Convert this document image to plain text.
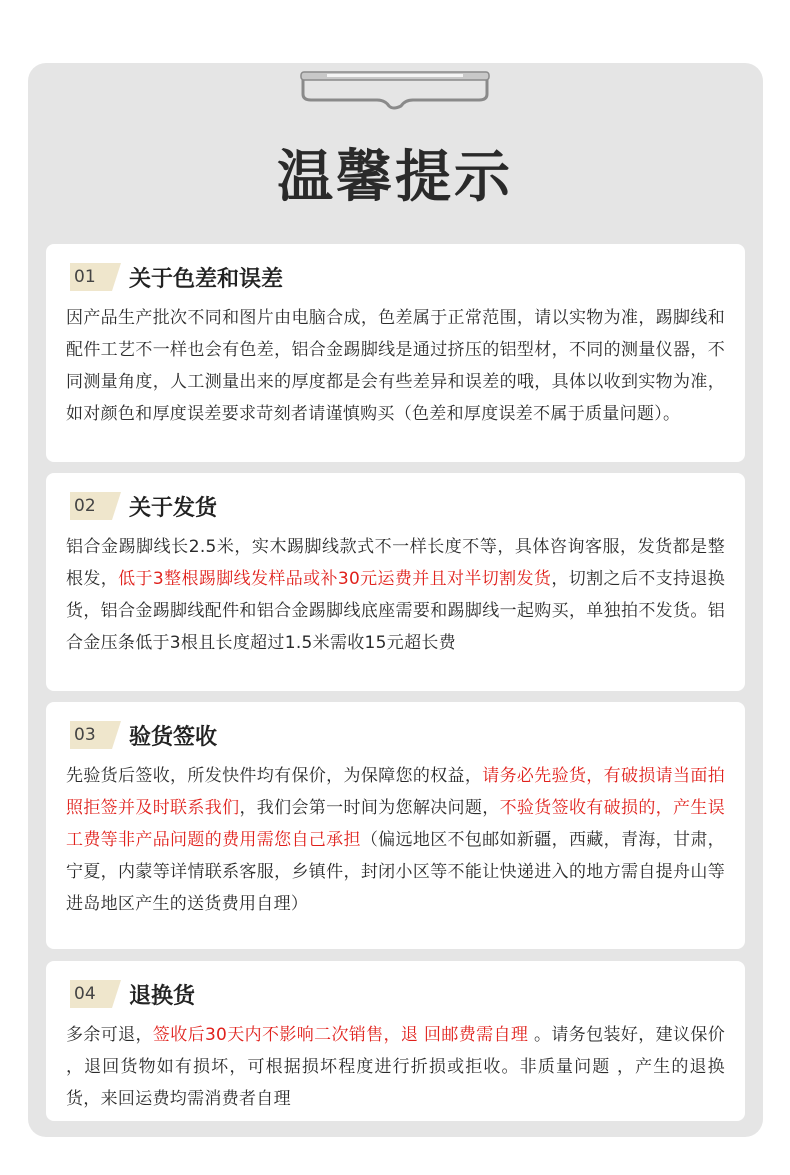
温馨提示
01	关于色差和误差
因产品生产批次不同和图片由电脑合成，色差属于正常范围，请以实物为准，踢脚线和配件工艺不一样也会有色差，铝合金踢脚线是通过挤压的铝型材，不同的测量仪器，不同测量角度，人工测量出来的厚度都是会有些差异和误差的哦，具体以收到实物为准，如对颜色和厚度误差要求苛刻者请谨慎购买（色差和厚度误差不属于质量问题）。
02	关于发货
铝合金踢脚线长2.5米，实木踢脚线款式不一样长度不等，具体咨询客服，发货都是整根发，低于3整根踢脚线发样品或补30元运费并且对半切割发货，切割之后不支持退换货，铝合金踢脚线配件和铝合金踢脚线底座需要和踢脚线一起购买，单独拍不发货。铝合金压条低于3根且长度超过1.5米需收15元超长费
03	验货签收
先验货后签收，所发快件均有保价，为保障您的权益，请务必先验货，有破损请当面拍照拒签并及时联系我们，我们会第一时间为您解决问题，不验货签收有破损的，产生误工费等非产品问题的费用需您自己承担（偏远地区不包邮如新疆，西藏，青海，甘肃，宁夏，内蒙等详情联系客服，乡镇件，封闭小区等不能让快递进入的地方需自提舟山等进岛地区产生的送货费用自理）
04	退换货
多余可退，签收后30天内不影响二次销售，退 回邮费需自理 。请务包装好，建议保价 ，退回货物如有损坏，可根据损坏程度进行折损或拒收。非质量问题 ，产生的退换货，来回运费均需消费者自理
